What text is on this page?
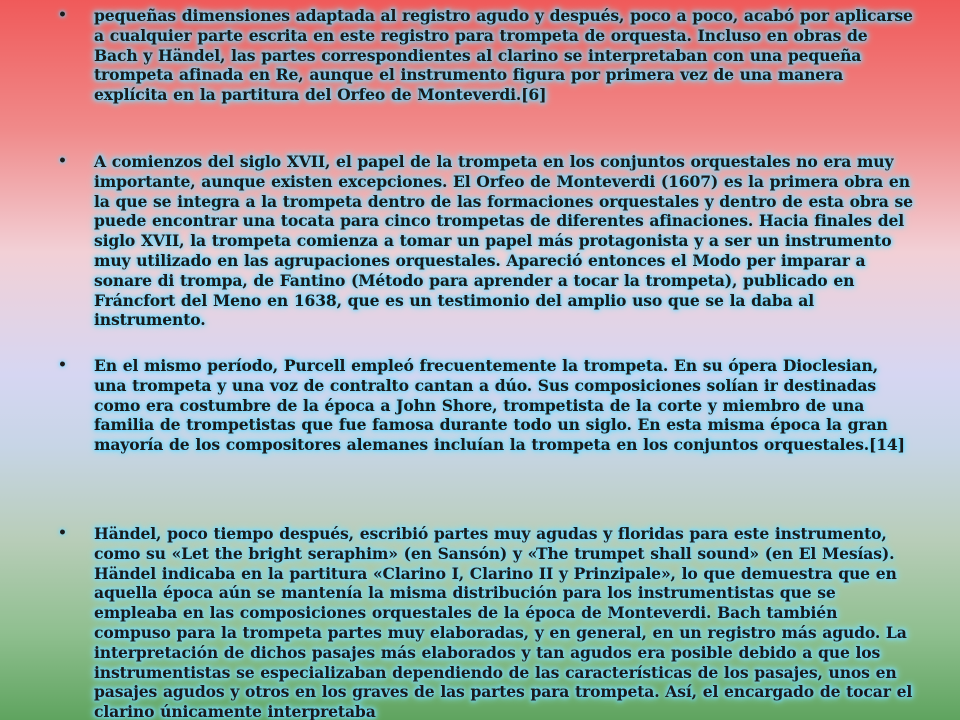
• pequeñas dimensiones adaptada al registro agudo y después, poco a poco, acabó por aplicarse a cualquier parte escrita en este registro para trompeta de orquesta. Incluso en obras de Bach y Händel, las partes correspondientes al clarino se interpretaban con una pequeña trompeta afinada en Re, aunque el instrumento figura por primera vez de una manera explícita en la partitura del Orfeo de Monteverdi.[6]
• A comienzos del siglo XVII, el papel de la trompeta en los conjuntos orquestales no era muy importante, aunque existen excepciones. El Orfeo de Monteverdi (1607) es la primera obra en la que se integra a la trompeta dentro de las formaciones orquestales y dentro de esta obra se puede encontrar una tocata para cinco trompetas de diferentes afinaciones. Hacia finales del siglo XVII, la trompeta comienza a tomar un papel más protagonista y a ser un instrumento muy utilizado en las agrupaciones orquestales. Apareció entonces el Modo per imparar a sonare di trompa, de Fantino (Método para aprender a tocar la trompeta), publicado en Fráncfort del Meno en 1638, que es un testimonio del amplio uso que se la daba al instrumento.
• En el mismo período, Purcell empleó frecuentemente la trompeta. En su ópera Dioclesian, una trompeta y una voz de contralto cantan a dúo. Sus composiciones solían ir destinadas como era costumbre de la época a John Shore, trompetista de la corte y miembro de una familia de trompetistas que fue famosa durante todo un siglo. En esta misma época la gran mayoría de los compositores alemanes incluían la trompeta en los conjuntos orquestales.[14]
• Händel, poco tiempo después, escribió partes muy agudas y floridas para este instrumento, como su «Let the bright seraphim» (en Sansón) y «The trumpet shall sound» (en El Mesías). Händel indicaba en la partitura «Clarino I, Clarino II y Prinzipale», lo que demuestra que en aquella época aún se mantenía la misma distribución para los instrumentistas que se empleaba en las composiciones orquestales de la época de Monteverdi. Bach también compuso para la trompeta partes muy elaboradas, y en general, en un registro más agudo. La interpretación de dichos pasajes más elaborados y tan agudos era posible debido a que los instrumentistas se especializaban dependiendo de las características de los pasajes, unos en pasajes agudos y otros en los graves de las partes para trompeta. Así, el encargado de tocar el clarino únicamente interpretaba
